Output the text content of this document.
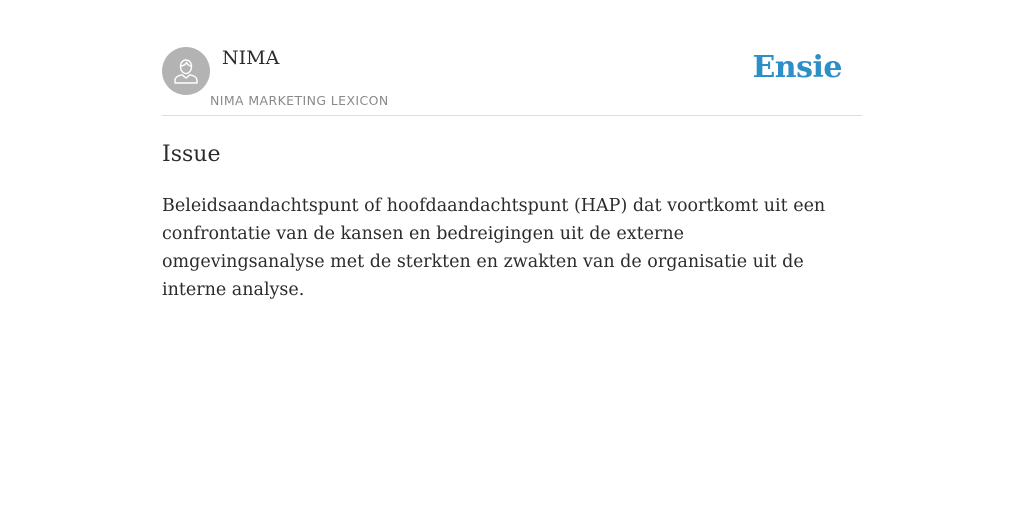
NIMA
NIMA MARKETING LEXICON
Ensie
Issue

Beleidsaandachtspunt of hoofdaandachtspunt (HAP) dat voortkomt uit een confrontatie van de kansen en bedreigingen uit de externe omgevingsanalyse met de sterkten en zwakten van de organisatie uit de interne analyse.
